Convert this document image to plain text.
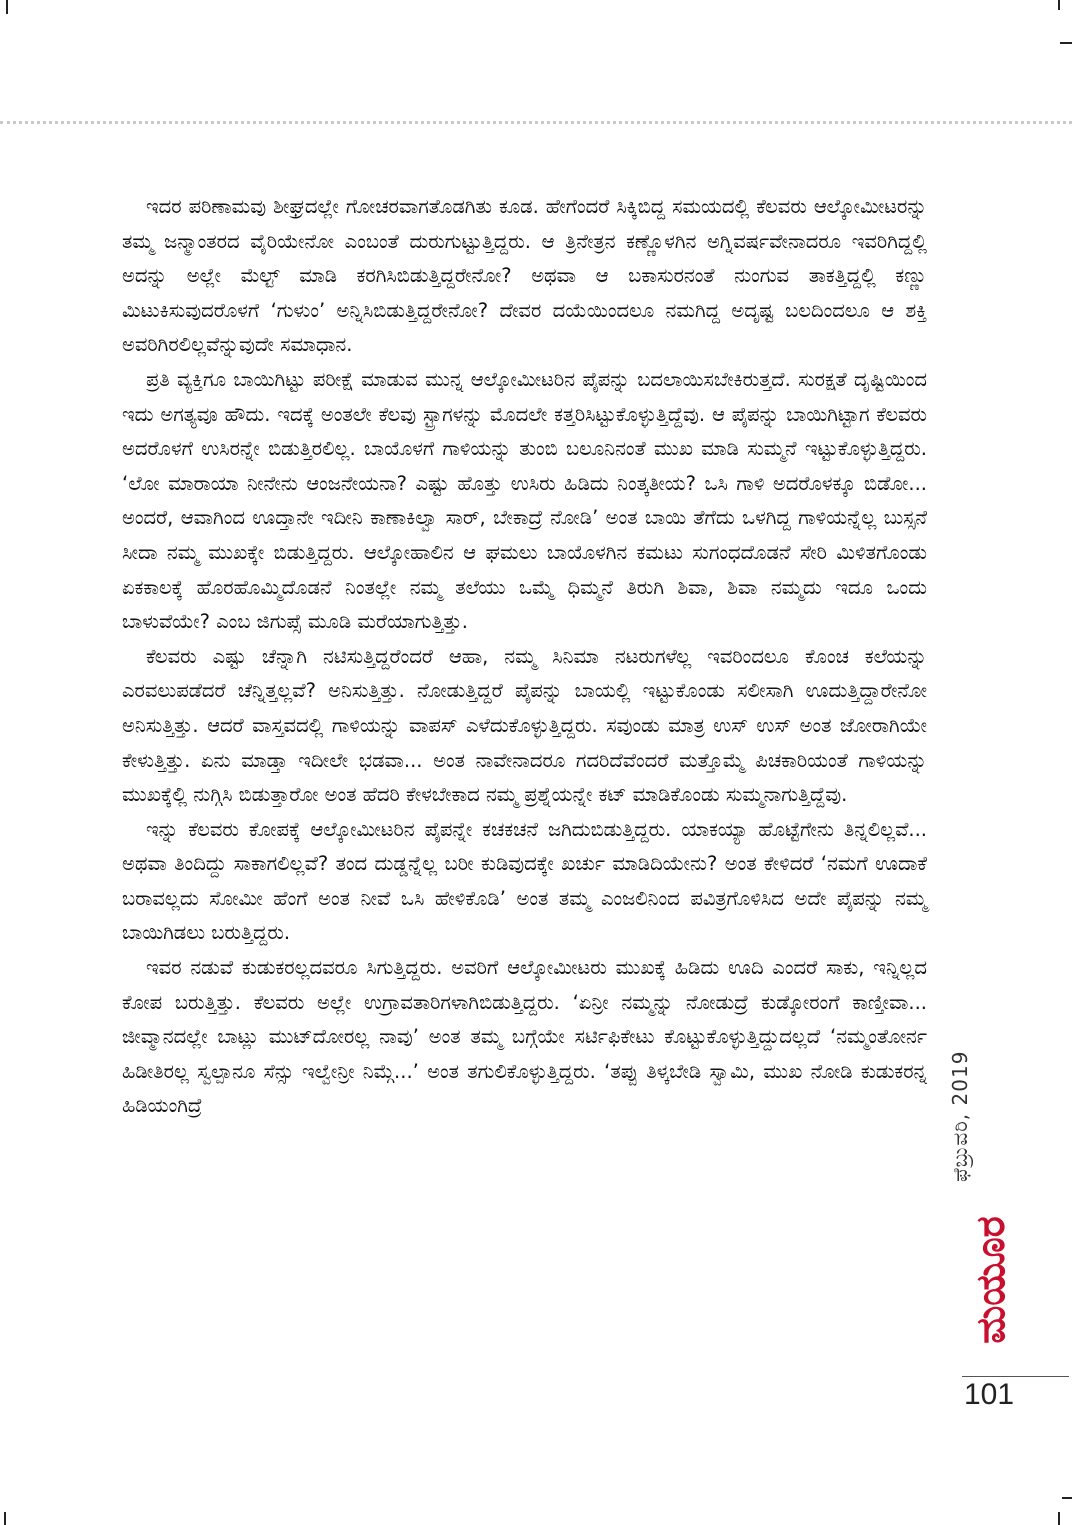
ಇದರ ಪರಿಣಾಮವು ಶೀಘ್ರದಲ್ಲೇ ಗೋಚರವಾಗತೊಡಗಿತು ಕೂಡ. ಹೇಗೆಂದರೆ ಸಿಕ್ಕಿಬಿದ್ದ ಸಮಯದಲ್ಲಿ ಕೆಲವರು ಆಲ್ಕೋಮೀಟರನ್ನು ತಮ್ಮ ಜನ್ಮಾಂತರದ ವೈರಿಯೇನೋ ಎಂಬಂತೆ ದುರುಗುಟ್ಟುತ್ತಿದ್ದರು. ಆ ತ್ರಿನೇತ್ರನ ಕಣ್ಣೊಳಗಿನ ಅಗ್ನಿವರ್ಷವೇನಾದರೂ ಇವರಿಗಿದ್ದಲ್ಲಿ ಅದನ್ನು ಅಲ್ಲೇ ಮೆಲ್ಟ್ ಮಾಡಿ ಕರಗಿಸಿಬಿಡುತ್ತಿದ್ದರೇನೋ? ಅಥವಾ ಆ ಬಕಾಸುರನಂತೆ ನುಂಗುವ ತಾಕತ್ತಿದ್ದಲ್ಲಿ ಕಣ್ಣು ಮಿಟುಕಿಸುವುದರೊಳಗೆ ‘ಗುಳುಂ’ ಅನ್ನಿಸಿಬಿಡುತ್ತಿದ್ದರೇನೋ? ದೇವರ ದಯೆಯಿಂದಲೂ ನಮಗಿದ್ದ ಅದೃಷ್ಟ ಬಲದಿಂದಲೂ ಆ ಶಕ್ತಿ ಅವರಿಗಿರಲಿಲ್ಲವೆನ್ನುವುದೇ ಸಮಾಧಾನ.

ಪ್ರತಿ ವ್ಯಕ್ತಿಗೂ ಬಾಯಿಗಿಟ್ಟು ಪರೀಕ್ಷೆ ಮಾಡುವ ಮುನ್ನ ಆಲ್ಕೋಮೀಟರಿನ ಪೈಪನ್ನು ಬದಲಾಯಿಸಬೇಕಿರುತ್ತದೆ. ಸುರಕ್ಷತೆ ದೃಷ್ಟಿಯಿಂದ ಇದು ಅಗತ್ಯವೂ ಹೌದು. ಇದಕ್ಕೆ ಅಂತಲೇ ಕೆಲವು ಸ್ಟ್ರಾಗಳನ್ನು ಮೊದಲೇ ಕತ್ತರಿಸಿಟ್ಟುಕೊಳ್ಳುತ್ತಿದ್ದೆವು. ಆ ಪೈಪನ್ನು ಬಾಯಿಗಿಟ್ಟಾಗ ಕೆಲವರು ಅದರೊಳಗೆ ಉಸಿರನ್ನೇ ಬಿಡುತ್ತಿರಲಿಲ್ಲ. ಬಾಯೊಳಗೆ ಗಾಳಿಯನ್ನು ತುಂಬಿ ಬಲೂನಿನಂತೆ ಮುಖ ಮಾಡಿ ಸುಮ್ಮನೆ ಇಟ್ಟುಕೊಳ್ಳುತ್ತಿದ್ದರು. ‘ಲೋ ಮಾರಾಯಾ ನೀನೇನು ಆಂಜನೇಯನಾ? ಎಷ್ಟು ಹೊತ್ತು ಉಸಿರು ಹಿಡಿದು ನಿಂತ್ಕತೀಯ? ಒಸಿ ಗಾಳಿ ಅದರೊಳಕ್ಕೂ ಬಿಡೋ... ಅಂದರೆ, ಆವಾಗಿಂದ ಊದ್ತಾನೇ ಇದೀನಿ ಕಾಣಾಕಿಲ್ವಾ ಸಾರ್, ಬೇಕಾದ್ರೆ ನೋಡಿ’ ಅಂತ ಬಾಯಿ ತೆಗೆದು ಒಳಗಿದ್ದ ಗಾಳಿಯನ್ನೆಲ್ಲ ಬುಸ್ಸನೆ ಸೀದಾ ನಮ್ಮ ಮುಖಕ್ಕೇ ಬಿಡುತ್ತಿದ್ದರು. ಆಲ್ಕೋಹಾಲಿನ ಆ ಘಮಲು ಬಾಯೊಳಗಿನ ಕಮಟು ಸುಗಂಧದೊಡನೆ ಸೇರಿ ಮಿಳಿತಗೊಂಡು ಏಕಕಾಲಕ್ಕೆ ಹೊರಹೊಮ್ಮಿದೊಡನೆ ನಿಂತಲ್ಲೇ ನಮ್ಮ ತಲೆಯು ಒಮ್ಮೆ ಧಿಮ್ಮನೆ ತಿರುಗಿ ಶಿವಾ, ಶಿವಾ ನಮ್ಮದು ಇದೂ ಒಂದು ಬಾಳುವೆಯೇ? ಎಂಬ ಜಿಗುಪ್ಸೆ ಮೂಡಿ ಮರೆಯಾಗುತ್ತಿತ್ತು.

ಕೆಲವರು ಎಷ್ಟು ಚೆನ್ನಾಗಿ ನಟಿಸುತ್ತಿದ್ದರೆಂದರೆ ಆಹಾ, ನಮ್ಮ ಸಿನಿಮಾ ನಟರುಗಳೆಲ್ಲ ಇವರಿಂದಲೂ ಕೊಂಚ ಕಲೆಯನ್ನು ಎರವಲುಪಡೆದರೆ ಚೆನ್ನಿತ್ತಲ್ಲವೆ? ಅನಿಸುತ್ತಿತ್ತು. ನೋಡುತ್ತಿದ್ದರೆ ಪೈಪನ್ನು ಬಾಯಲ್ಲಿ ಇಟ್ಟುಕೊಂಡು ಸಲೀಸಾಗಿ ಊದುತ್ತಿದ್ದಾರೇನೋ ಅನಿಸುತ್ತಿತ್ತು. ಆದರೆ ವಾಸ್ತವದಲ್ಲಿ ಗಾಳಿಯನ್ನು ವಾಪಸ್ ಎಳೆದುಕೊಳ್ಳುತ್ತಿದ್ದರು. ಸವುಂಡು ಮಾತ್ರ ಉಸ್ ಉಸ್ ಅಂತ ಜೋರಾಗಿಯೇ ಕೇಳುತ್ತಿತ್ತು. ಏನು ಮಾಡ್ತಾ ಇದೀಲೇ ಭಡವಾ... ಅಂತ ನಾವೇನಾದರೂ ಗದರಿದೆವೆಂದರೆ ಮತ್ತೊಮ್ಮೆ ಪಿಚಕಾರಿಯಂತೆ ಗಾಳಿಯನ್ನು ಮುಖಕ್ಕೆಲ್ಲಿ ನುಗ್ಗಿಸಿ ಬಿಡುತ್ತಾರೋ ಅಂತ ಹೆದರಿ ಕೇಳಬೇಕಾದ ನಮ್ಮ ಪ್ರಶ್ನೆಯನ್ನೇ ಕಟ್ ಮಾಡಿಕೊಂಡು ಸುಮ್ಮನಾಗುತ್ತಿದ್ದೆವು.

ಇನ್ನು ಕೆಲವರು ಕೋಪಕ್ಕೆ ಆಲ್ಕೋಮೀಟರಿನ ಪೈಪನ್ನೇ ಕಚಕಚನೆ ಜಗಿದುಬಿಡುತ್ತಿದ್ದರು. ಯಾಕಯ್ಯಾ ಹೊಟ್ಟೆಗೇನು ತಿನ್ನಲಿಲ್ಲವೆ... ಅಥವಾ ತಿಂದಿದ್ದು ಸಾಕಾಗಲಿಲ್ಲವೆ? ತಂದ ದುಡ್ಡನ್ನೆಲ್ಲ ಬರೀ ಕುಡಿವುದಕ್ಕೇ ಖರ್ಚು ಮಾಡಿದಿಯೇನು? ಅಂತ ಕೇಳಿದರೆ ‘ನಮಗೆ ಊದಾಕೆ ಬರಾವಲ್ಲದು ಸೋಮೀ ಹೆಂಗೆ ಅಂತ ನೀವೆ ಒಸಿ ಹೇಳಿಕೊಡಿ’ ಅಂತ ತಮ್ಮ ಎಂಜಲಿನಿಂದ ಪವಿತ್ರಗೊಳಿಸಿದ ಅದೇ ಪೈಪನ್ನು ನಮ್ಮ ಬಾಯಿಗಿಡಲು ಬರುತ್ತಿದ್ದರು.

ಇವರ ನಡುವೆ ಕುಡುಕರಲ್ಲದವರೂ ಸಿಗುತ್ತಿದ್ದರು. ಅವರಿಗೆ ಆಲ್ಕೋಮೀಟರು ಮುಖಕ್ಕೆ ಹಿಡಿದು ಊದಿ ಎಂದರೆ ಸಾಕು, ಇನ್ನಿಲ್ಲದ ಕೋಪ ಬರುತ್ತಿತ್ತು. ಕೆಲವರು ಅಲ್ಲೇ ಉಗ್ರಾವತಾರಿಗಳಾಗಿಬಿಡುತ್ತಿದ್ದರು. ‘ಏನ್ರೀ ನಮ್ಮನ್ನು ನೋಡುದ್ರೆ ಕುಡ್ಕೋರಂಗೆ ಕಾಣ್ತೀವಾ... ಜೀವ್ಮಾನದಲ್ಲೇ ಬಾಟ್ಲು ಮುಟ್‌ದೋರಲ್ಲ ನಾವು’ ಅಂತ ತಮ್ಮ ಬಗ್ಗೆಯೇ ಸರ್ಟಿಫಿಕೇಟು ಕೊಟ್ಟುಕೊಳ್ಳುತ್ತಿದ್ದುದಲ್ಲದೆ ‘ನಮ್ಮಂತೋರ್ನ ಹಿಡೀತಿರಲ್ಲ ಸ್ವಲ್ಪಾನೂ ಸೆನ್ಸು ಇಲ್ವೇನ್ರೀ ನಿಮ್ಗೆ...’ ಅಂತ ತಗುಲಿಕೊಳ್ಳುತ್ತಿದ್ದರು. ‘ತಪ್ಪು ತಿಳ್ಕಬೇಡಿ ಸ್ವಾಮಿ, ಮುಖ ನೋಡಿ ಕುಡುಕರನ್ನ ಹಿಡಿಯಂಗಿದ್ರೆ	ಫೆಬ್ರುವರಿ, 2019
ಮಯೂರ
101
